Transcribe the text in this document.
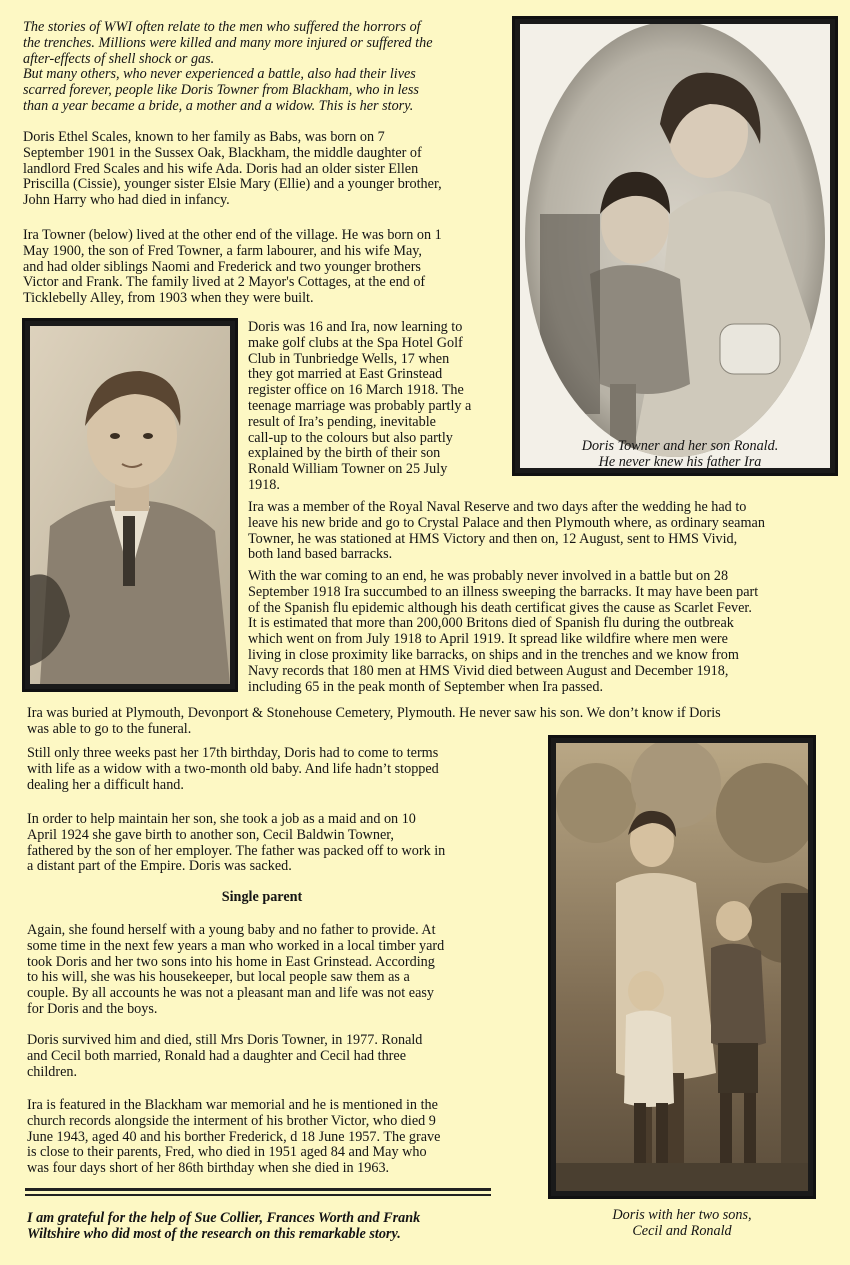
The stories of WWI often relate to the men who suffered the horrors of
the trenches. Millions were killed and many more injured or suffered the
after-effects of shell shock or gas.
But many others, who never experienced a battle, also had their lives
scarred forever, people like Doris Towner from Blackham, who in less
than a year became a bride, a mother and a widow. This is her story.
Doris Ethel Scales, known to her family as Babs, was born on 7
September 1901 in the Sussex Oak, Blackham, the middle daughter of
landlord Fred Scales and his wife Ada. Doris had an older sister Ellen
Priscilla (Cissie), younger sister Elsie Mary (Ellie) and a younger brother,
John Harry who had died in infancy.
Ira Towner (below) lived at the other end of the village. He was born on 1
May 1900, the son of Fred Towner, a farm labourer, and his wife May,
and had older siblings Naomi and Frederick and two younger brothers
Victor and Frank. The family lived at 2 Mayor's Cottages, at the end of
Ticklebelly Alley, from 1903 when they were built.
Doris Towner and her son Ronald.
He never knew his father Ira
Doris was 16 and Ira, now learning to
make golf clubs at the Spa Hotel Golf
Club in Tunbriedge Wells, 17 when
they got married at East Grinstead
register office on 16 March 1918. The
teenage marriage was probably partly a
result of Ira’s pending, inevitable
call-up to the colours but also partly
explained by the birth of their son
Ronald William Towner on 25 July
1918.
Ira was a member of the Royal Naval Reserve and two days after the wedding he had to
leave his new bride and go to Crystal Palace and then Plymouth where, as ordinary seaman
Towner, he was stationed at HMS Victory and then on, 12 August, sent to HMS Vivid,
both land based barracks.
With the war coming to an end, he was probably never involved in a battle but on 28
September 1918 Ira succumbed to an illness sweeping the barracks. It may have been part
of the Spanish flu epidemic although his death certificat gives the cause as Scarlet Fever.
It is estimated that more than 200,000 Britons died of Spanish flu during the outbreak
which went on from July 1918 to April 1919. It spread like wildfire where men were
living in close proximity like barracks, on ships and in the trenches and we know from
Navy records that 180 men at HMS Vivid died between August and December 1918,
including 65 in the peak month of September when Ira passed.
Ira was buried at Plymouth, Devonport & Stonehouse Cemetery, Plymouth. He never saw his son. We don’t know if Doris
was able to go to the funeral.
Still only three weeks past her 17th birthday, Doris had to come to terms
with life as a widow with a two-month old baby. And life hadn’t stopped
dealing her a difficult hand.
In order to help maintain her son, she took a job as a maid and on 10
April 1924 she gave birth to another son, Cecil Baldwin Towner,
fathered by the son of her employer. The father was packed off to work in
a distant part of the Empire. Doris was sacked.
Single parent
Again, she found herself with a young baby and no father to provide. At
some time in the next few years a man who worked in a local timber yard
took Doris and her two sons into his home in East Grinstead. According
to his will, she was his housekeeper, but local people saw them as a
couple. By all accounts he was not a pleasant man and life was not easy
for Doris and the boys.
Doris survived him and died, still Mrs Doris Towner, in 1977. Ronald
and Cecil both married, Ronald had a daughter and Cecil had three
children.
Ira is featured in the Blackham war memorial and he is mentioned in the
church records alongside the interment of his brother Victor, who died 9
June 1943, aged 40 and his borther Frederick, d 18 June 1957. The grave
is close to their parents, Fred, who died in 1951 aged 84 and May who
was four days short of her 86th birthday when she died in 1963.
I am grateful for the help of Sue Collier, Frances Worth and Frank
Wiltshire who did most of the research on this remarkable story.
Doris with her two sons,
Cecil and Ronald
